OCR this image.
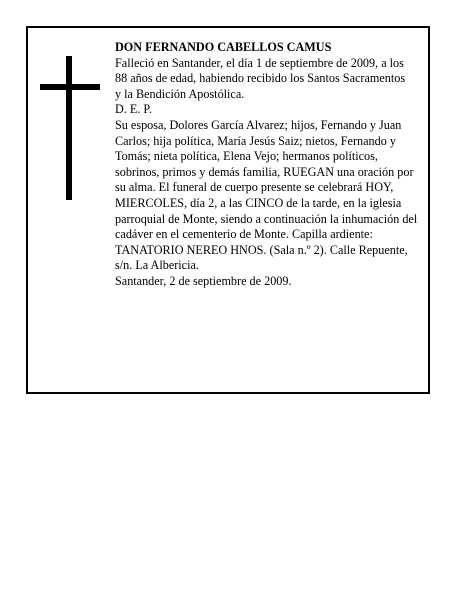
DON FERNANDO CABELLOS CAMUS

Falleció en Santander, el día 1 de septiembre de 2009, a los 88 años de edad, habiendo recibido los Santos Sacramentos

y la Bendición Apostólica.

D. E. P.

Su esposa, Dolores García Alvarez; hijos, Fernando y Juan Carlos; hija política, María Jesús Saiz; nietos, Fernando y Tomás; nieta política, Elena Vejo; hermanos políticos, sobrinos, primos y demás familia, RUEGAN una oración por su alma. El funeral de cuerpo presente se celebrará HOY, MIERCOLES, día 2, a las CINCO de la tarde, en la iglesia parroquial de Monte, siendo a continuación la inhumación del cadáver en el cementerio de Monte. Capilla ardiente: TANATORIO NEREO HNOS. (Sala n.º 2). Calle Repuente, s/n. La Albericia.

Santander, 2 de septiembre de 2009.
